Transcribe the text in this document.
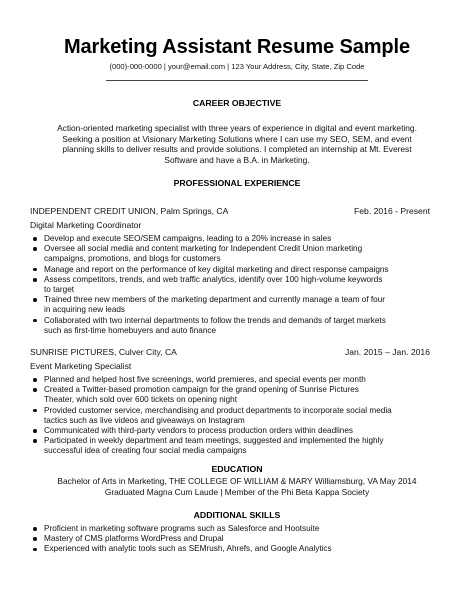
Marketing Assistant Resume Sample
(000)-000-0000 | your@email.com | 123 Your Address, City, State, Zip Code
CAREER OBJECTIVE
Action-oriented marketing specialist with three years of experience in digital and event marketing.
Seeking a position at Visionary Marketing Solutions where I can use my SEO, SEM, and event
planning skills to deliver results and provide solutions. I completed an internship at Mt. Everest
Software and have a B.A. in Marketing.
PROFESSIONAL EXPERIENCE
INDEPENDENT CREDIT UNION, Palm Springs, CA	Feb. 2016 - Present
Digital Marketing Coordinator
Develop and execute SEO/SEM campaigns, leading to a 20% increase in sales
Oversee all social media and content marketing for Independent Credit Union marketing
campaigns, promotions, and blogs for customers
Manage and report on the performance of key digital marketing and direct response campaigns
Assess competitors, trends, and web traffic analytics, identify over 100 high-volume keywords
to target
Trained three new members of the marketing department and currently manage a team of four
in acquiring new leads
Collaborated with two internal departments to follow the trends and demands of target markets
such as first-time homebuyers and auto finance
SUNRISE PICTURES, Culver City, CA	Jan. 2015 – Jan. 2016
Event Marketing Specialist
Planned and helped host five screenings, world premieres, and special events per month
Created a Twitter-based promotion campaign for the grand opening of Sunrise Pictures
Theater, which sold over 600 tickets on opening night
Provided customer service, merchandising and product departments to incorporate social media
tactics such as live videos and giveaways on Instagram
Communicated with third-party vendors to process production orders within deadlines
Participated in weekly department and team meetings, suggested and implemented the highly
successful idea of creating four social media campaigns
EDUCATION
Bachelor of Arts in Marketing, THE COLLEGE OF WILLIAM & MARY Williamsburg, VA May 2014
Graduated Magna Cum Laude | Member of the Phi Beta Kappa Society
ADDITIONAL SKILLS
Proficient in marketing software programs such as Salesforce and Hootsuite
Mastery of CMS platforms WordPress and Drupal
Experienced with analytic tools such as SEMrush, Ahrefs, and Google Analytics
